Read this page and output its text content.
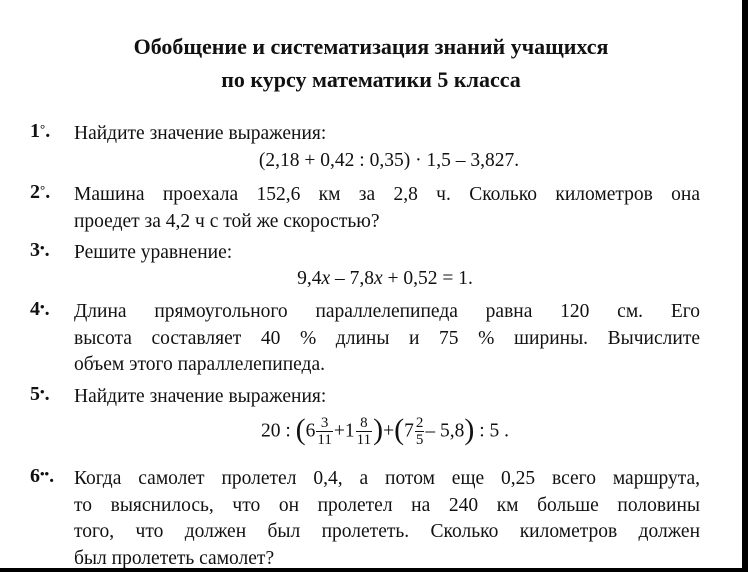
Обобщение и систематизация знаний учащихся
по курсу математики 5 класса
1°. Найдите значение выражения:
(2,18 + 0,42 : 0,35) · 1,5 – 3,827.
2°. Машина проехала 152,6 км за 2,8 ч. Сколько километров она
проедет за 4,2 ч с той же скоростью?
3•. Решите уравнение:
9,4x – 7,8x + 0,52 = 1.
4•. Длина прямоугольного параллелепипеда равна 120 см. Его
высота составляет 40 % длины и 75 % ширины. Вычислите
объем этого параллелепипеда.
5•. Найдите значение выражения:
20 : $(6 \frac{3}{11} +1 \frac{8}{11} )+(7 \frac{2}{5} - 5,8)$ : 5 .
6••. Когда самолет пролетел 0,4, а потом еще 0,25 всего маршрута,
то выяснилось, что он пролетел на 240 км больше половины
того, что должен был пролететь. Сколько километров должен
был пролететь самолет?
